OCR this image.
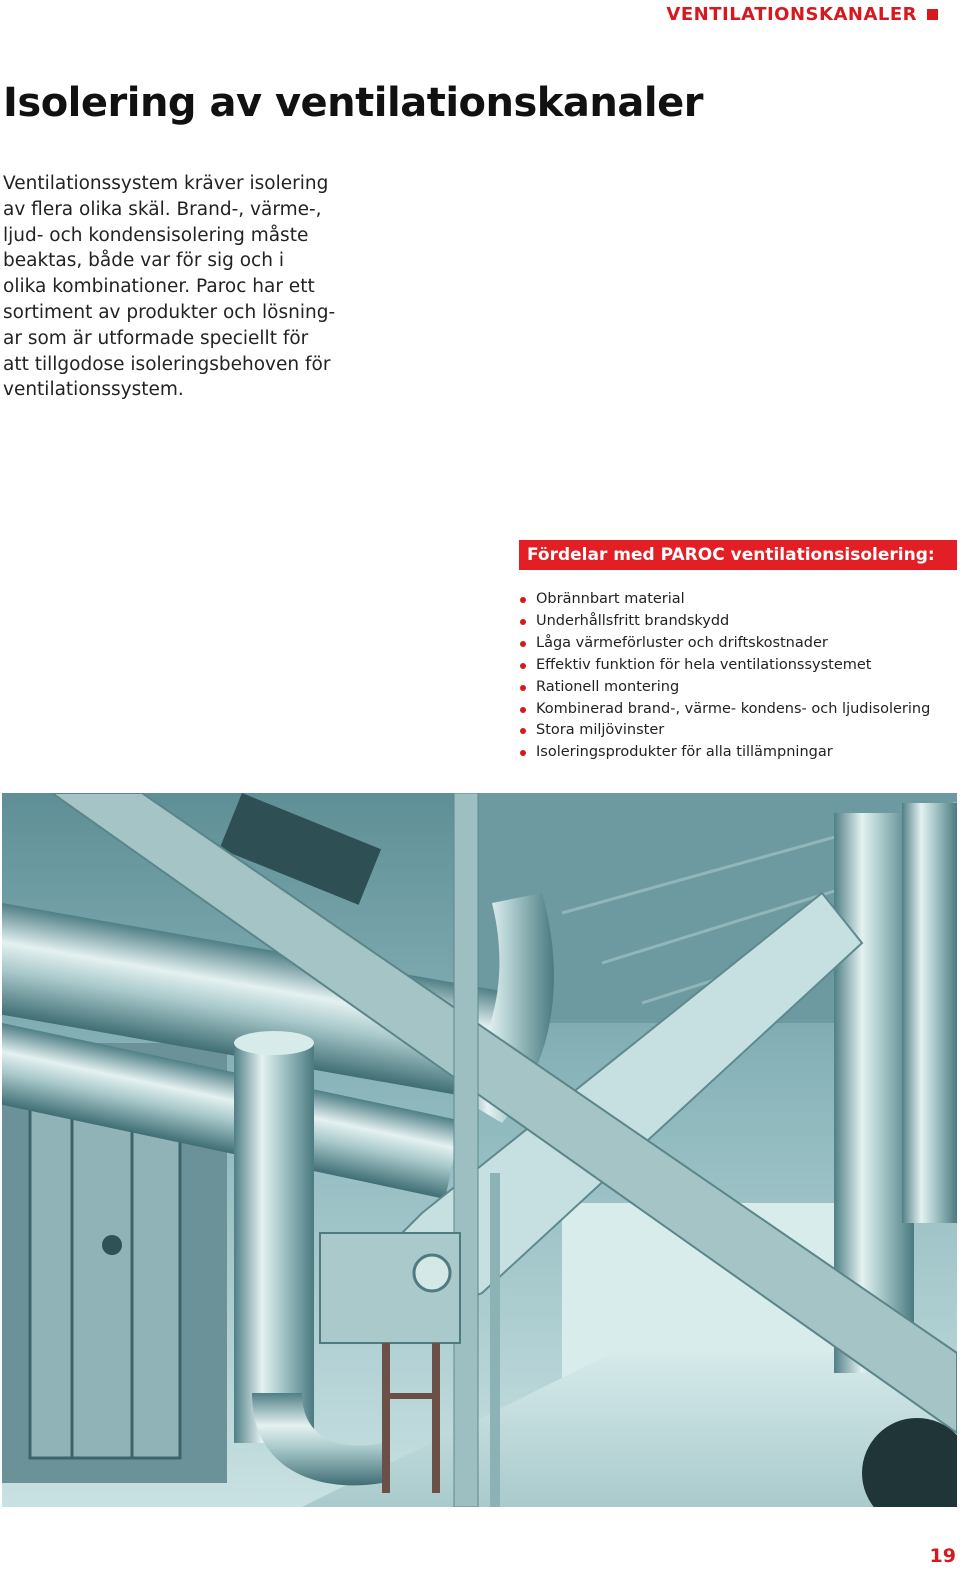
VENTILATIONSKANALER
Isolering av ventilationskanaler

Ventilationssystem kräver isolering
av flera olika skäl. Brand-, värme-,
ljud- och kondensisolering måste
beaktas, både var för sig och i
olika kombinationer. Paroc har ett
sortiment av produkter och lösning-
ar som är utformade speciellt för
att tillgodose isoleringsbehoven för
ventilationssystem.

Fördelar med PAROC ventilationsisolering:
Obrännbart material
Underhållsfritt brandskydd
Låga värmeförluster och driftskostnader
Effektiv funktion för hela ventilationssystemet
Rationell montering
Kombinerad brand-, värme- kondens- och ljudisolering
Stora miljövinster
Isoleringsprodukter för alla tillämpningar
19
